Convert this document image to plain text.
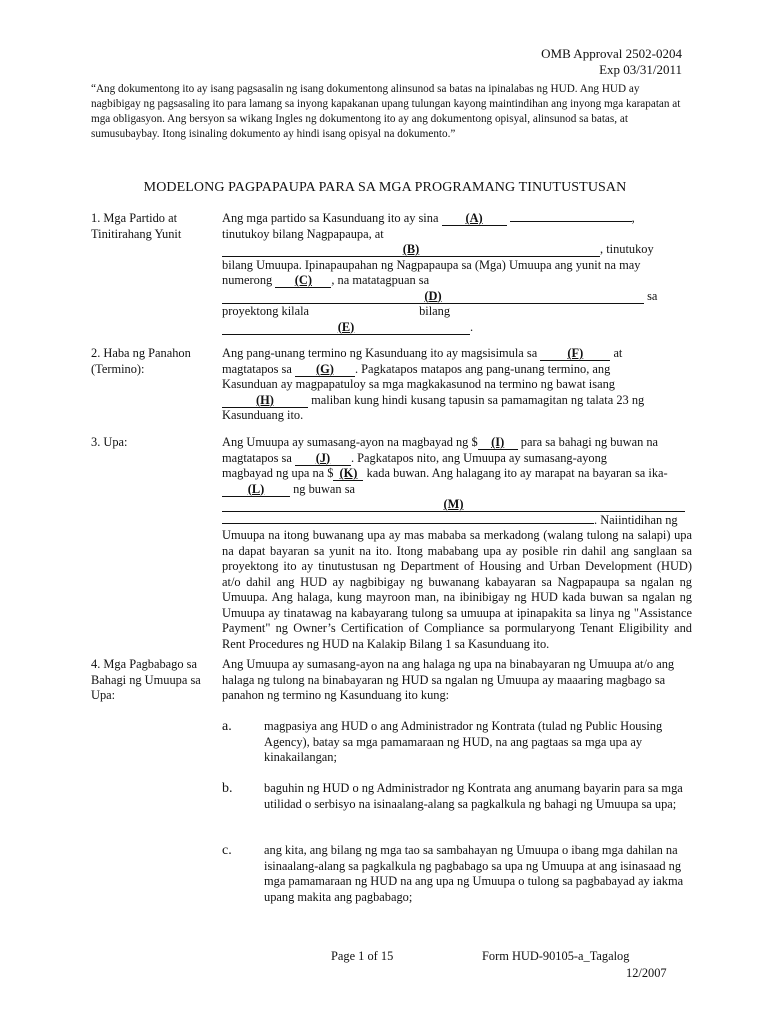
OMB Approval 2502-0204
Exp 03/31/2011
“Ang dokumentong ito ay isang pagsasalin ng isang dokumentong alinsunod sa batas na ipinalabas ng HUD. Ang HUD ay nagbibigay ng pagsasaling ito para lamang sa inyong kapakanan upang tulungan kayong maintindihan ang inyong mga karapatan at mga obligasyon. Ang bersyon sa wikang Ingles ng dokumentong ito ay ang dokumentong opisyal, alinsunod sa batas, at sumusubaybay. Itong isinaling dokumento ay hindi isang opisyal na dokumento.”
MODELONG PAGPAPAUPA PARA SA MGA PROGRAMANG TINUTUSTUSAN
1. Mga Partido at Tinitirahang Yunit
Ang mga partido sa Kasunduang ito ay sina (A)	,
tinutukoy bilang Nagpapaupa, at
(B)	, tinutukoy
bilang Umuupa. Ipinapaupahan ng Nagpapaupa sa (Mga) Umuupa ang yunit na may
numerong (C) , na matatagpuan sa
(D)	sa
proyektong kilala	bilang
(E)	.
2. Haba ng Panahon (Termino):
Ang pang-unang termino ng Kasunduang ito ay magsisimula sa (F) at
magtatapos sa (G) . Pagkatapos matapos ang pang-unang termino, ang
Kasunduan ay magpapatuloy sa mga magkakasunod na termino ng bawat isang
(H)	maliban kung hindi kusang tapusin sa pamamagitan ng talata 23 ng
Kasunduang ito.
3. Upa:	Ang Umuupa ay sumasang-ayon na magbayad ng $ (I) para sa bahagi ng buwan na
magtatapos sa (J) . Pagkatapos nito, ang Umuupa ay sumasang-ayong
magbayad ng upa na $ (K) kada buwan. Ang halagang ito ay marapat na bayaran sa ika-
(L) ng buwan sa
(M)
. Naiintidihan ng
Umuupa na itong buwanang upa ay mas mababa sa merkadong (walang tulong na salapi) upa na dapat bayaran sa yunit na ito. Itong mababang upa ay posible rin dahil ang sanglaan sa proyektong ito ay tinutustusan ng Department of Housing and Urban Development (HUD) at/o dahil ang HUD ay nagbibigay ng buwanang kabayaran sa Nagpapaupa sa ngalan ng Umuupa. Ang halaga, kung mayroon man, na ibinibigay ng HUD kada buwan sa ngalan ng Umuupa ay tinatawag na kabayarang tulong sa umuupa at ipinapakita sa linya ng "Assistance Payment" ng Owner’s Certification of Compliance sa pormularyong Tenant Eligibility and Rent Procedures ng HUD na Kalakip Bilang 1 sa Kasunduang ito.
4. Mga Pagbabago sa Bahagi ng Umuupa sa Upa:
Ang Umuupa ay sumasang-ayon na ang halaga ng upa na binabayaran ng Umuupa at/o ang halaga ng tulong na binabayaran ng HUD sa ngalan ng Umuupa ay maaaring magbago sa panahon ng termino ng Kasunduang ito kung:
a.	magpasiya ang HUD o ang Administrador ng Kontrata (tulad ng Public Housing Agency), batay sa mga pamamaraan ng HUD, na ang pagtaas sa mga upa ay kinakailangan;
b.	baguhin ng HUD o ng Administrador ng Kontrata ang anumang bayarin para sa mga utilidad o serbisyo na isinaalang-alang sa pagkalkula ng bahagi ng Umuupa sa upa;
c.	ang kita, ang bilang ng mga tao sa sambahayan ng Umuupa o ibang mga dahilan na isinaalang-alang sa pagkalkula ng pagbabago sa upa ng Umuupa at ang isinasaad ng mga pamamaraan ng HUD na ang upa ng Umuupa o tulong sa pagbabayad ay iakma upang makita ang pagbabago;
Page 1 of 15	Form HUD-90105-a_Tagalog
12/2007
